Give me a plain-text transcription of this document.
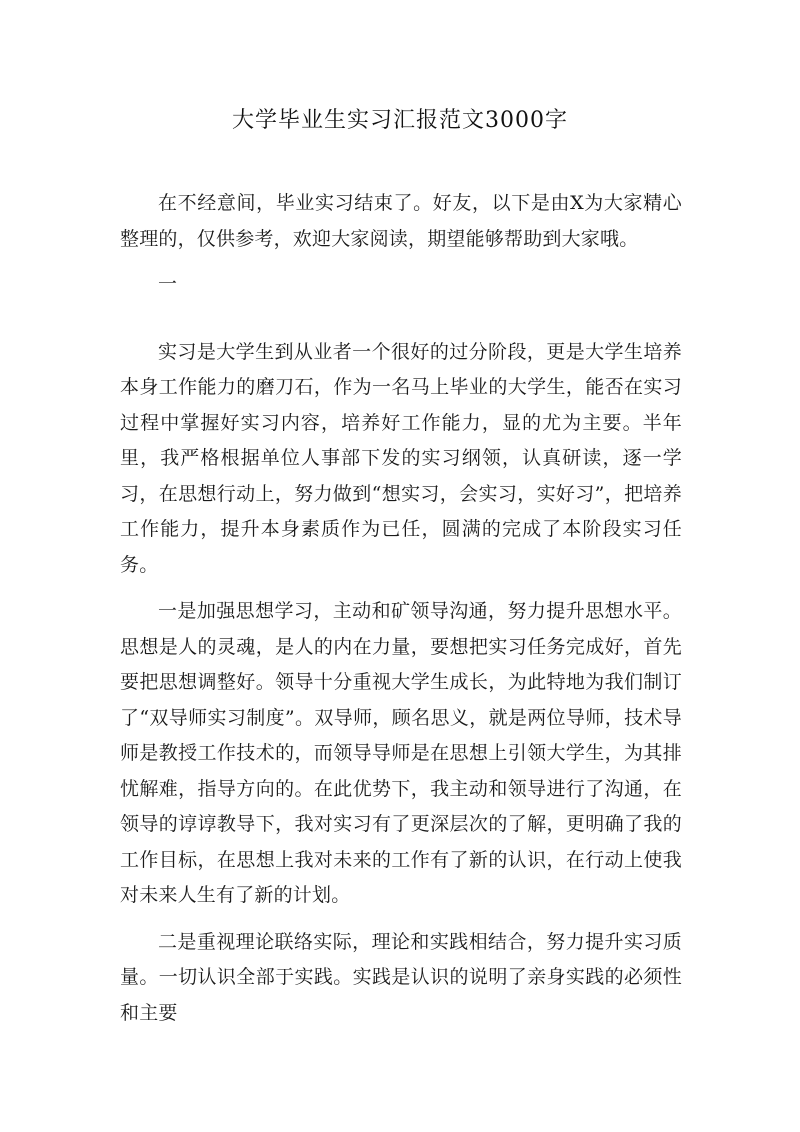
大学毕业生实习汇报范文3000字

在不经意间，毕业实习结束了。好友，以下是由X为大家精心整理的，仅供参考，欢迎大家阅读，期望能够帮助到大家哦。

一

实习是大学生到从业者一个很好的过分阶段，更是大学生培养本身工作能力的磨刀石，作为一名马上毕业的大学生，能否在实习过程中掌握好实习内容，培养好工作能力，显的尤为主要。半年里，我严格根据单位人事部下发的实习纲领，认真研读，逐一学习，在思想行动上，努力做到“想实习，会实习，实好习”，把培养工作能力，提升本身素质作为已任，圆满的完成了本阶段实习任务。

一是加强思想学习，主动和矿领导沟通，努力提升思想水平。思想是人的灵魂，是人的内在力量，要想把实习任务完成好，首先要把思想调整好。领导十分重视大学生成长，为此特地为我们制订了“双导师实习制度”。双导师，顾名思义，就是两位导师，技术导师是教授工作技术的，而领导导师是在思想上引领大学生，为其排忧解难，指导方向的。在此优势下，我主动和领导进行了沟通，在领导的谆谆教导下，我对实习有了更深层次的了解，更明确了我的工作目标，在思想上我对未来的工作有了新的认识，在行动上使我对未来人生有了新的计划。

二是重视理论联络实际，理论和实践相结合，努力提升实习质量。一切认识全部于实践。实践是认识的说明了亲身实践的必须性和主要
